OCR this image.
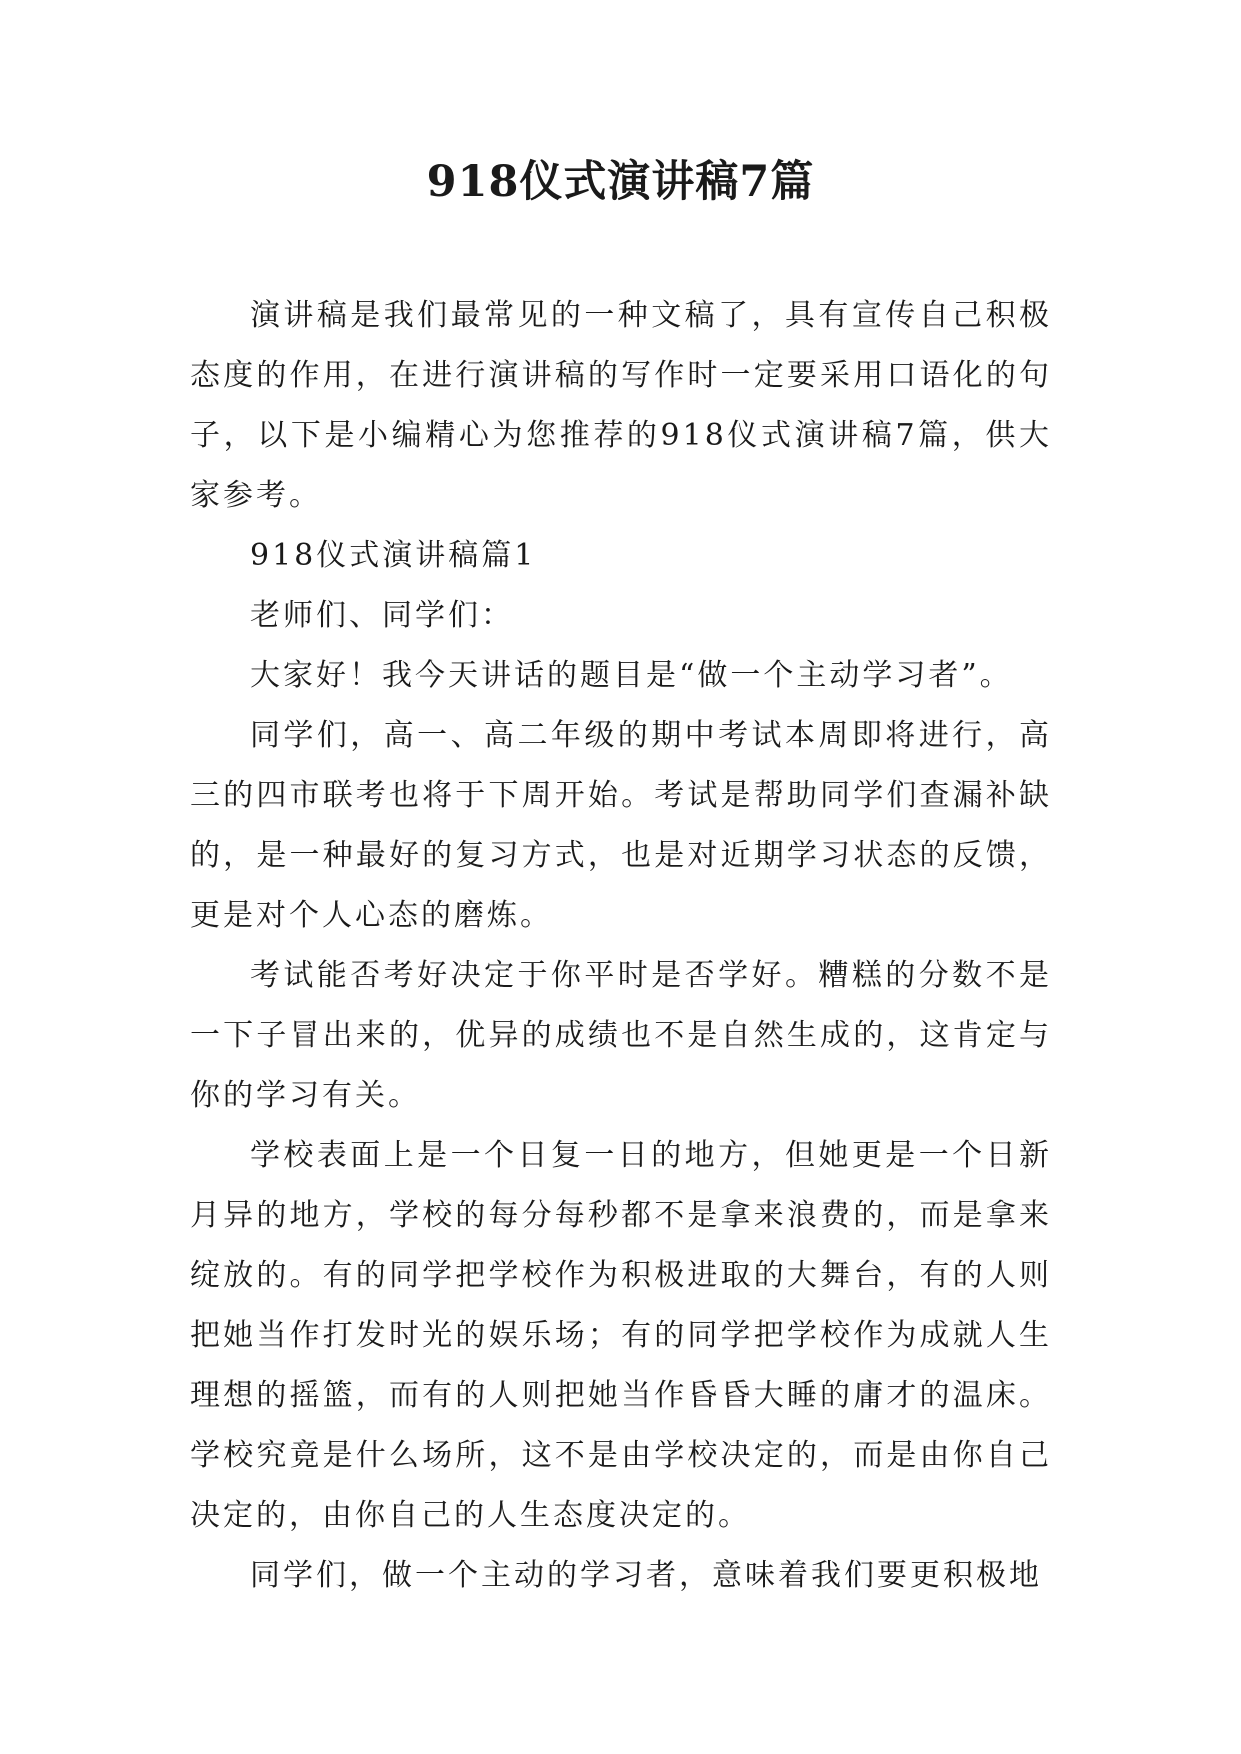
918仪式演讲稿7篇

演讲稿是我们最常见的一种文稿了，具有宣传自己积极态度的作用，在进行演讲稿的写作时一定要采用口语化的句子，以下是小编精心为您推荐的918仪式演讲稿7篇，供大家参考。

918仪式演讲稿篇1

老师们、同学们：

大家好！我今天讲话的题目是“做一个主动学习者”。

同学们，高一、高二年级的期中考试本周即将进行，高三的四市联考也将于下周开始。考试是帮助同学们查漏补缺的，是一种最好的复习方式，也是对近期学习状态的反馈，更是对个人心态的磨炼。

考试能否考好决定于你平时是否学好。糟糕的分数不是一下子冒出来的，优异的成绩也不是自然生成的，这肯定与你的学习有关。

学校表面上是一个日复一日的地方，但她更是一个日新月异的地方，学校的每分每秒都不是拿来浪费的，而是拿来绽放的。有的同学把学校作为积极进取的大舞台，有的人则把她当作打发时光的娱乐场；有的同学把学校作为成就人生理想的摇篮，而有的人则把她当作昏昏大睡的庸才的温床。学校究竟是什么场所，这不是由学校决定的，而是由你自己决定的，由你自己的人生态度决定的。

同学们，做一个主动的学习者，意味着我们要更积极地
